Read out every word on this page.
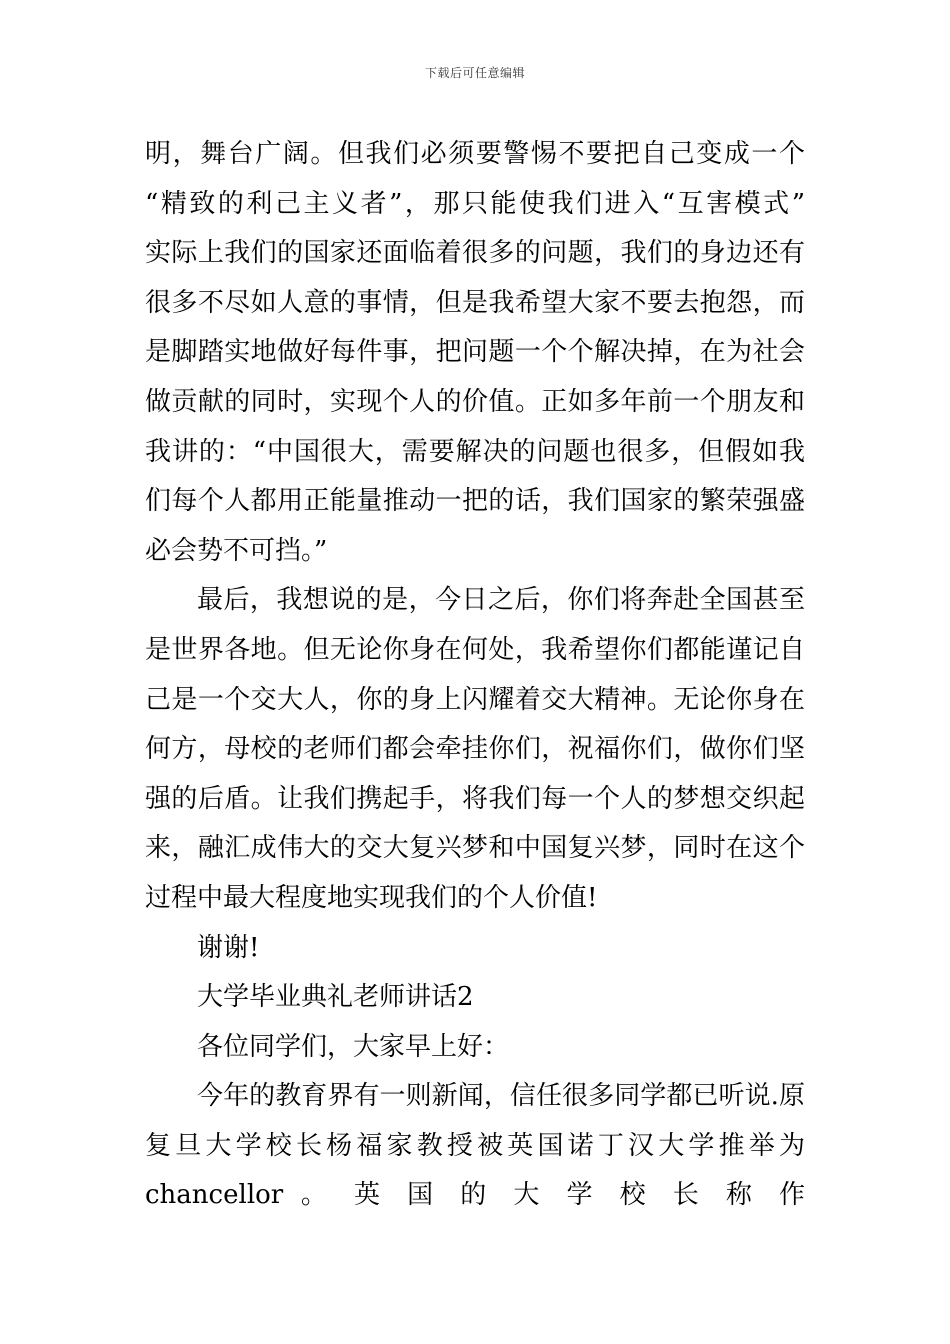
下载后可任意编辑
明，舞台广阔。但我们必须要警惕不要把自己变成一个
“精致的利己主义者”，那只能使我们进入“互害模式”
实际上我们的国家还面临着很多的问题，我们的身边还有
很多不尽如人意的事情，但是我希望大家不要去抱怨，而
是脚踏实地做好每件事，把问题一个个解决掉，在为社会
做贡献的同时，实现个人的价值。正如多年前一个朋友和
我讲的：“中国很大，需要解决的问题也很多，但假如我
们每个人都用正能量推动一把的话，我们国家的繁荣强盛
必会势不可挡。”
最后，我想说的是，今日之后，你们将奔赴全国甚至
是世界各地。但无论你身在何处，我希望你们都能谨记自
己是一个交大人，你的身上闪耀着交大精神。无论你身在
何方，母校的老师们都会牵挂你们，祝福你们，做你们坚
强的后盾。让我们携起手，将我们每一个人的梦想交织起
来，融汇成伟大的交大复兴梦和中国复兴梦，同时在这个
过程中最大程度地实现我们的个人价值!
谢谢!
大学毕业典礼老师讲话2
各位同学们，大家早上好：
今年的教育界有一则新闻，信任很多同学都已听说.原
复旦大学校长杨福家教授被英国诺丁汉大学推举为
chancellor 。 英 国 的 大 学 校 长 称 作
